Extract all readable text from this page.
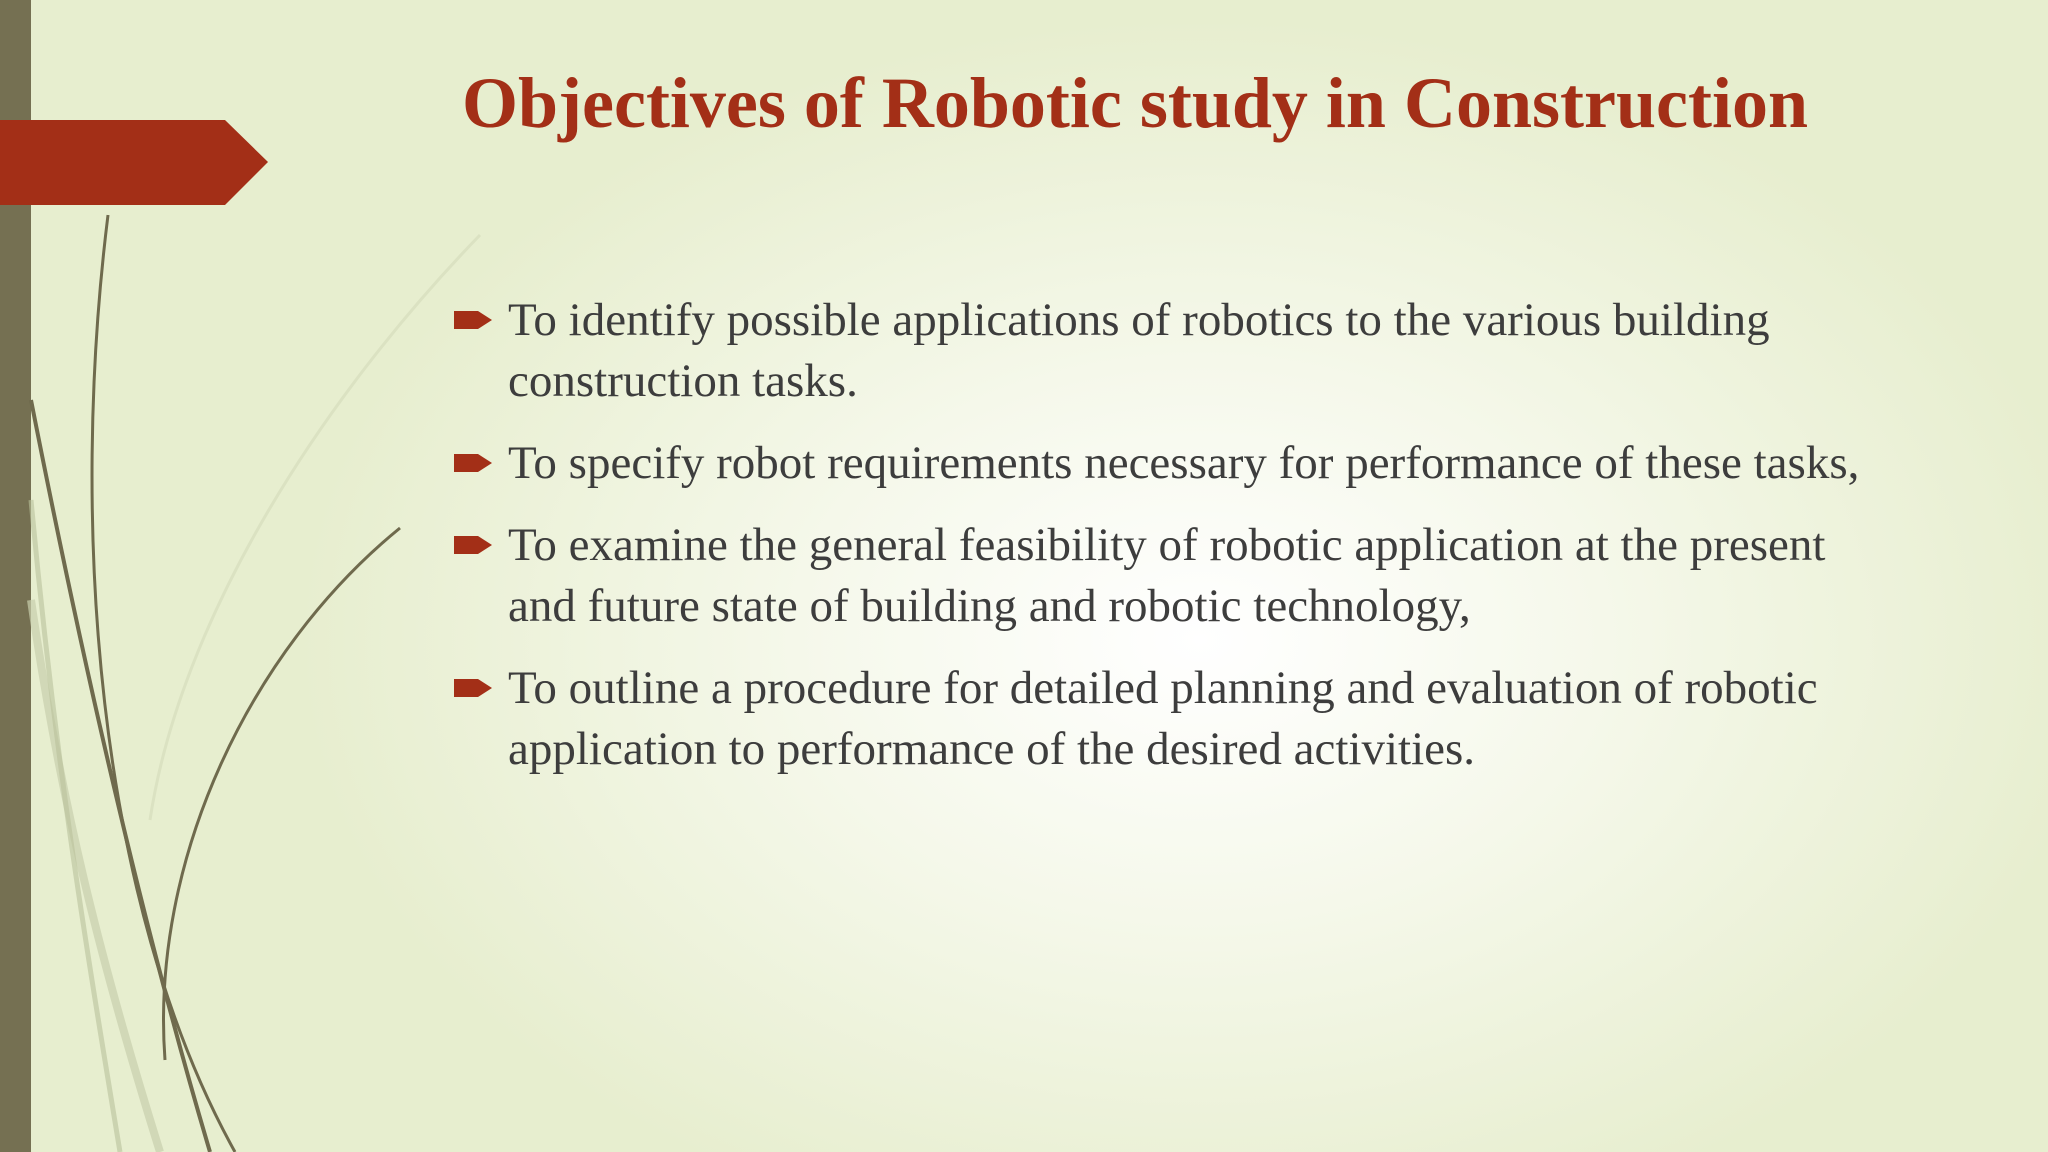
Objectives of Robotic study in Construction
To identify possible applications of robotics to the various building construction tasks.
To specify robot requirements necessary for performance of these tasks,
To examine the general feasibility of robotic application at the present and future state of building and robotic technology,
To outline a procedure for detailed planning and evaluation of robotic application to performance of the desired activities.
